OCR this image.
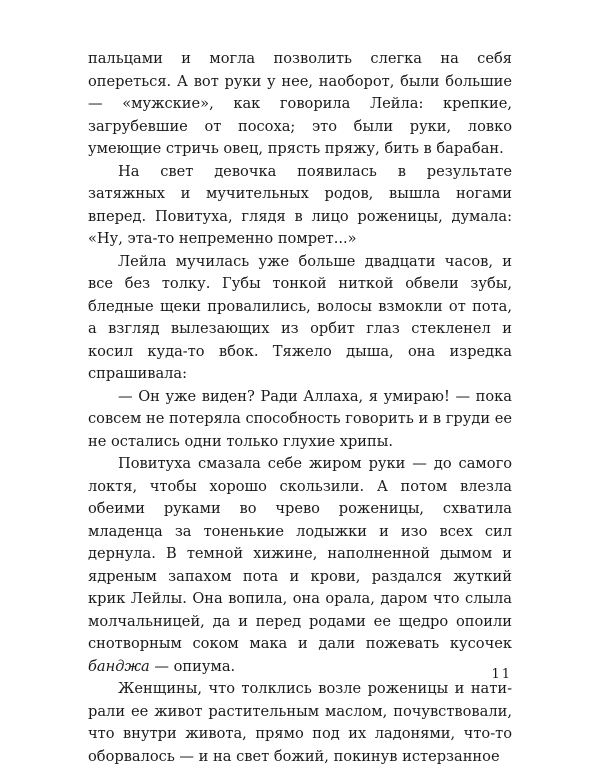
пальцами и могла позволить слегка на себя опереться. А вот руки у нее, наоборот, были большие — «мужские», как говорила Лейла: крепкие, загрубевшие от посоха; это были руки, ловко умеющие стричь овец, прясть пряжу, бить в барабан.

На свет девочка появилась в результате затяжных и мучительных родов, вышла ногами вперед. Повитуха, глядя в лицо роженицы, думала: «Ну, эта-то непременно помрет...»

Лейла мучилась уже больше двадцати часов, и все без толку. Губы тонкой ниткой обвели зубы, бледные щеки провалились, волосы взмокли от пота, а взгляд вылезающих из орбит глаз стекленел и косил куда-то вбок. Тяжело дыша, она изредка спрашивала:

— Он уже виден? Ради Аллаха, я умираю! — пока совсем не потеряла способность говорить и в груди ее не остались одни только глухие хрипы.

Повитуха смазала себе жиром руки — до самого локтя, чтобы хорошо скользили. А потом влезла обеими руками во чрево роженицы, схватила младенца за тоненькие лодыжки и изо всех сил дернула. В темной хижине, наполненной дымом и ядреным запахом пота и крови, раздался жуткий крик Лейлы. Она вопила, она орала, даром что слыла молчальницей, да и перед родами ее щедро опоили снотворным соком мака и дали пожевать кусочек банджа — опиума.

Женщины, что толклись возле роженицы и натирали ее живот растительным маслом, почувствовали, что внутри живота, прямо под их ладонями, что-то оборвалось — и на свет божий, покинув истерзанное

11
